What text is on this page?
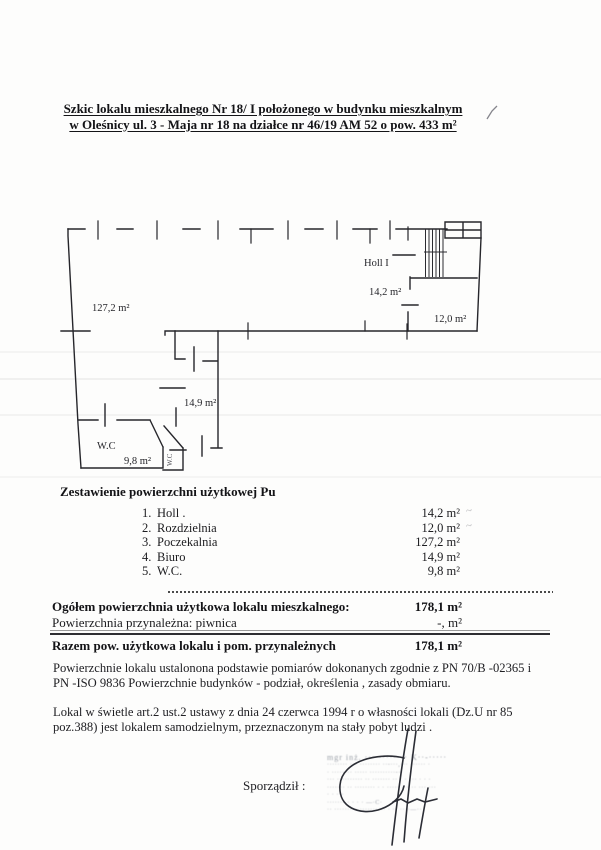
Szkic lokalu mieszkalnego Nr 18/ I położonego w budynku mieszkalnym
w Oleśnicy ul. 3 - Maja nr 18 na działce nr 46/19 AM 52 o pow. 433 m²
127,2 m²
Holl I
14,2 m²
12,0 m²
14,9 m²
W.C
9,8 m² W.C
Zestawienie powierzchni użytkowej Pu
1. Holl .	14,2 m²
2. Rozdzielnia	12,0 m²
3. Poczekalnia	127,2 m²
4. Biuro	14,9 m²
5. W.C.	9,8 m²
~
~
Ogółem powierzchnia użytkowa lokalu mieszkalnego:	178,1 m²
Powierzchnia przynależna: piwnica	-, m²
Razem pow. użytkowa lokalu i pom. przynależnych	178,1 m²
Powierzchnie lokalu ustalonona podstawie pomiarów dokonanych zgodnie z PN 70/B -02365 i
PN -ISO 9836 Powierzchnie budynków - podział, określenia , zasady obmiaru.
Lokal w świetle art.2 ust.2 ustawy z dnia 24 czerwca 1994 r o własności lokali (Dz.U nr 85
poz.388) jest lokalem samodzielnym, przeznaczonym na stały pobyt ludzi .
Sporządził :
mgr inż. ··· ········ K··-·····
········ ··· ········ ··-···,··· ······ ·
· ········ ····· ··········-··
··· ·········· ·· ······· ·· · · ··· · · ·
······· ·· ········ · · ····· · · ·· ··· ···
· · ···
······· · · · · —·C·
·· ········· ·········· · ·· ····—··
